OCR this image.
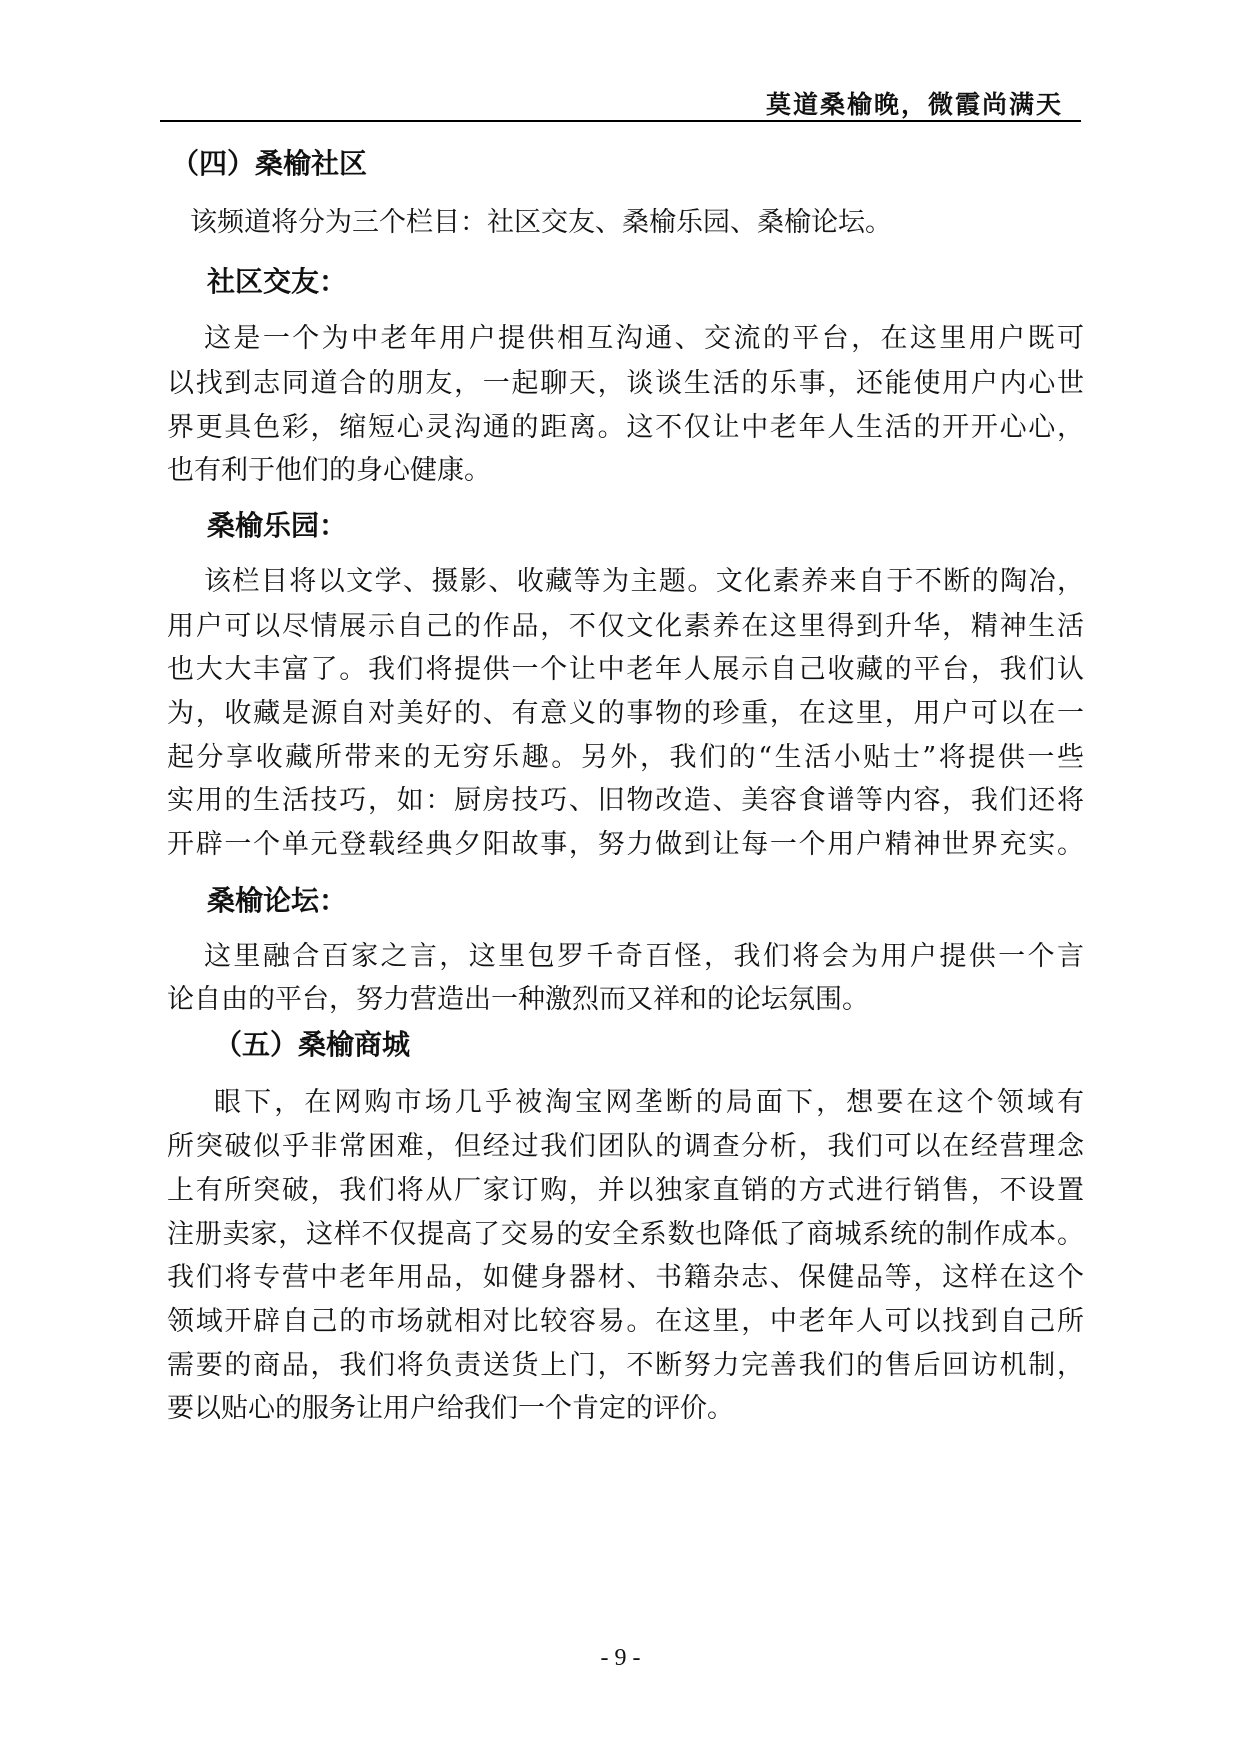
莫道桑榆晚，微霞尚满天
（四）桑榆社区
该频道将分为三个栏目：社区交友、桑榆乐园、桑榆论坛。
社区交友：
这是一个为中老年用户提供相互沟通、交流的平台，在这里用户既可
以找到志同道合的朋友，一起聊天，谈谈生活的乐事，还能使用户内心世
界更具色彩，缩短心灵沟通的距离。这不仅让中老年人生活的开开心心，
也有利于他们的身心健康。
桑榆乐园：
该栏目将以文学、摄影、收藏等为主题。文化素养来自于不断的陶冶，
用户可以尽情展示自己的作品，不仅文化素养在这里得到升华，精神生活
也大大丰富了。我们将提供一个让中老年人展示自己收藏的平台，我们认
为，收藏是源自对美好的、有意义的事物的珍重，在这里，用户可以在一
起分享收藏所带来的无穷乐趣。另外，我们的“生活小贴士”将提供一些
实用的生活技巧，如：厨房技巧、旧物改造、美容食谱等内容，我们还将
开辟一个单元登载经典夕阳故事，努力做到让每一个用户精神世界充实。
桑榆论坛：
这里融合百家之言，这里包罗千奇百怪，我们将会为用户提供一个言
论自由的平台，努力营造出一种激烈而又祥和的论坛氛围。
（五）桑榆商城
眼下，在网购市场几乎被淘宝网垄断的局面下，想要在这个领域有
所突破似乎非常困难，但经过我们团队的调查分析，我们可以在经营理念
上有所突破，我们将从厂家订购，并以独家直销的方式进行销售，不设置
注册卖家，这样不仅提高了交易的安全系数也降低了商城系统的制作成本。
我们将专营中老年用品，如健身器材、书籍杂志、保健品等，这样在这个
领域开辟自己的市场就相对比较容易。在这里，中老年人可以找到自己所
需要的商品，我们将负责送货上门，不断努力完善我们的售后回访机制，
要以贴心的服务让用户给我们一个肯定的评价。
- 9 -
